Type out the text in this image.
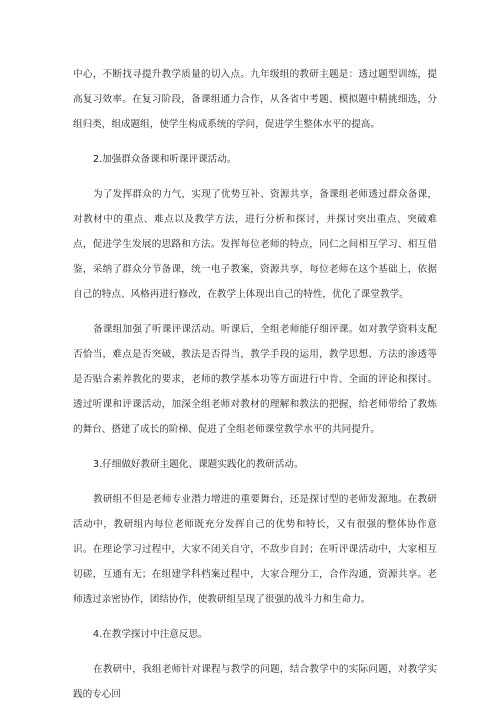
中心，不断找寻提升教学质量的切入点。九年级组的教研主题是：透过题型训练，提高复习效率。在复习阶段，备课组通力合作，从各省中考题、模拟题中精挑细选，分组归类，组成题组，使学生构成系统的学问，促进学生整体水平的提高。

2.加强群众备课和听课评课活动。

为了发挥群众的力气，实现了优势互补、资源共享，备课组老师透过群众备课，对教材中的重点、难点以及教学方法，进行分析和探讨，并探讨突出重点、突破难点，促进学生发展的思路和方法。发挥每位老师的特点，同仁之间相互学习、相互借鉴，采纳了群众分节备课，统一电子教案，资源共享，每位老师在这个基础上，依据自己的特点、风格再进行修改，在教学上体现出自己的特性，优化了课堂教学。

备课组加强了听课评课活动。听课后，全组老师能仔细评课。如对教学资料支配否恰当，难点是否突破，教法是否得当，教学手段的运用，教学思想、方法的渗透等是否贴合素养教化的要求，老师的教学基本功等方面进行中肯、全面的评论和探讨。透过听课和评课活动，加深全组老师对教材的理解和教法的把握，给老师带给了教炼的舞台、搭建了成长的阶梯、促进了全组老师课堂教学水平的共同提升。

3.仔细做好教研主题化、课题实践化的教研活动。

教研组不但是老师专业潜力增进的重要舞台，还是探讨型的老师发源地。在教研活动中，教研组内每位老师既充分发挥自己的优势和特长，又有很强的整体协作意识。在理论学习过程中，大家不闭关自守，不敌步自封；在听评课活动中，大家相互切磋，互通有无；在组建学科档案过程中，大家合理分工，合作沟通，资源共享。老师透过亲密协作，团结协作，使教研组呈现了很强的战斗力和生命力。

4.在教学探讨中注意反思。

在教研中，我组老师针对课程与教学的问题，结合教学中的实际问题，对教学实践的专心回
